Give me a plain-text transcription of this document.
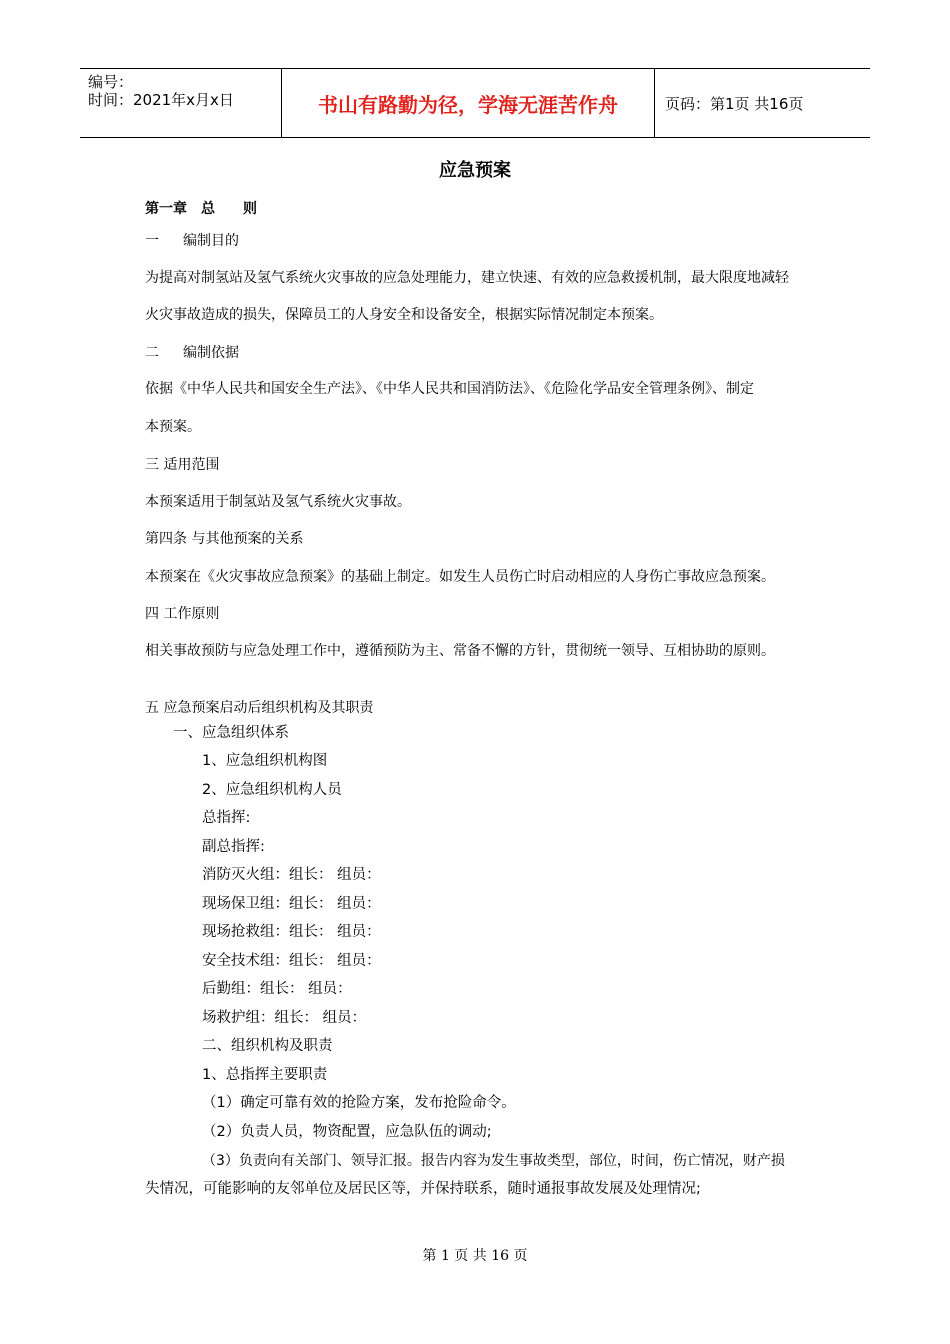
编号：
时间：2021年x月x日	书山有路勤为径，学海无涯苦作舟	页码：第1页 共16页
应急预案
第一章 总　　则
一 编制目的
为提高对制氢站及氢气系统火灾事故的应急处理能力，建立快速、有效的应急救援机制，最大限度地减轻
火灾事故造成的损失，保障员工的人身安全和设备安全，根据实际情况制定本预案。
二 编制依据
依据《中华人民共和国安全生产法》、《中华人民共和国消防法》、《危险化学品安全管理条例》、制定
本预案。
三 适用范围
本预案适用于制氢站及氢气系统火灾事故。
第四条 与其他预案的关系
本预案在《火灾事故应急预案》的基础上制定。如发生人员伤亡时启动相应的人身伤亡事故应急预案。
四 工作原则
相关事故预防与应急处理工作中，遵循预防为主、常备不懈的方针，贯彻统一领导、互相协助的原则。
五 应急预案启动后组织机构及其职责
一、应急组织体系
1、应急组织机构图
2、应急组织机构人员
总指挥:
副总指挥:
消防灭火组：组长： 组员：
现场保卫组：组长： 组员：
现场抢救组：组长： 组员：
安全技术组：组长： 组员：
后勤组：组长： 组员：
场救护组：组长： 组员：
二、组织机构及职责
1、总指挥主要职责
（1）确定可靠有效的抢险方案，发布抢险命令。
（2）负责人员，物资配置，应急队伍的调动;
（3）负责向有关部门、领导汇报。报告内容为发生事故类型，部位，时间，伤亡情况，财产损
失情况，可能影响的友邻单位及居民区等，并保持联系，随时通报事故发展及处理情况;
第 1 页 共 16 页
